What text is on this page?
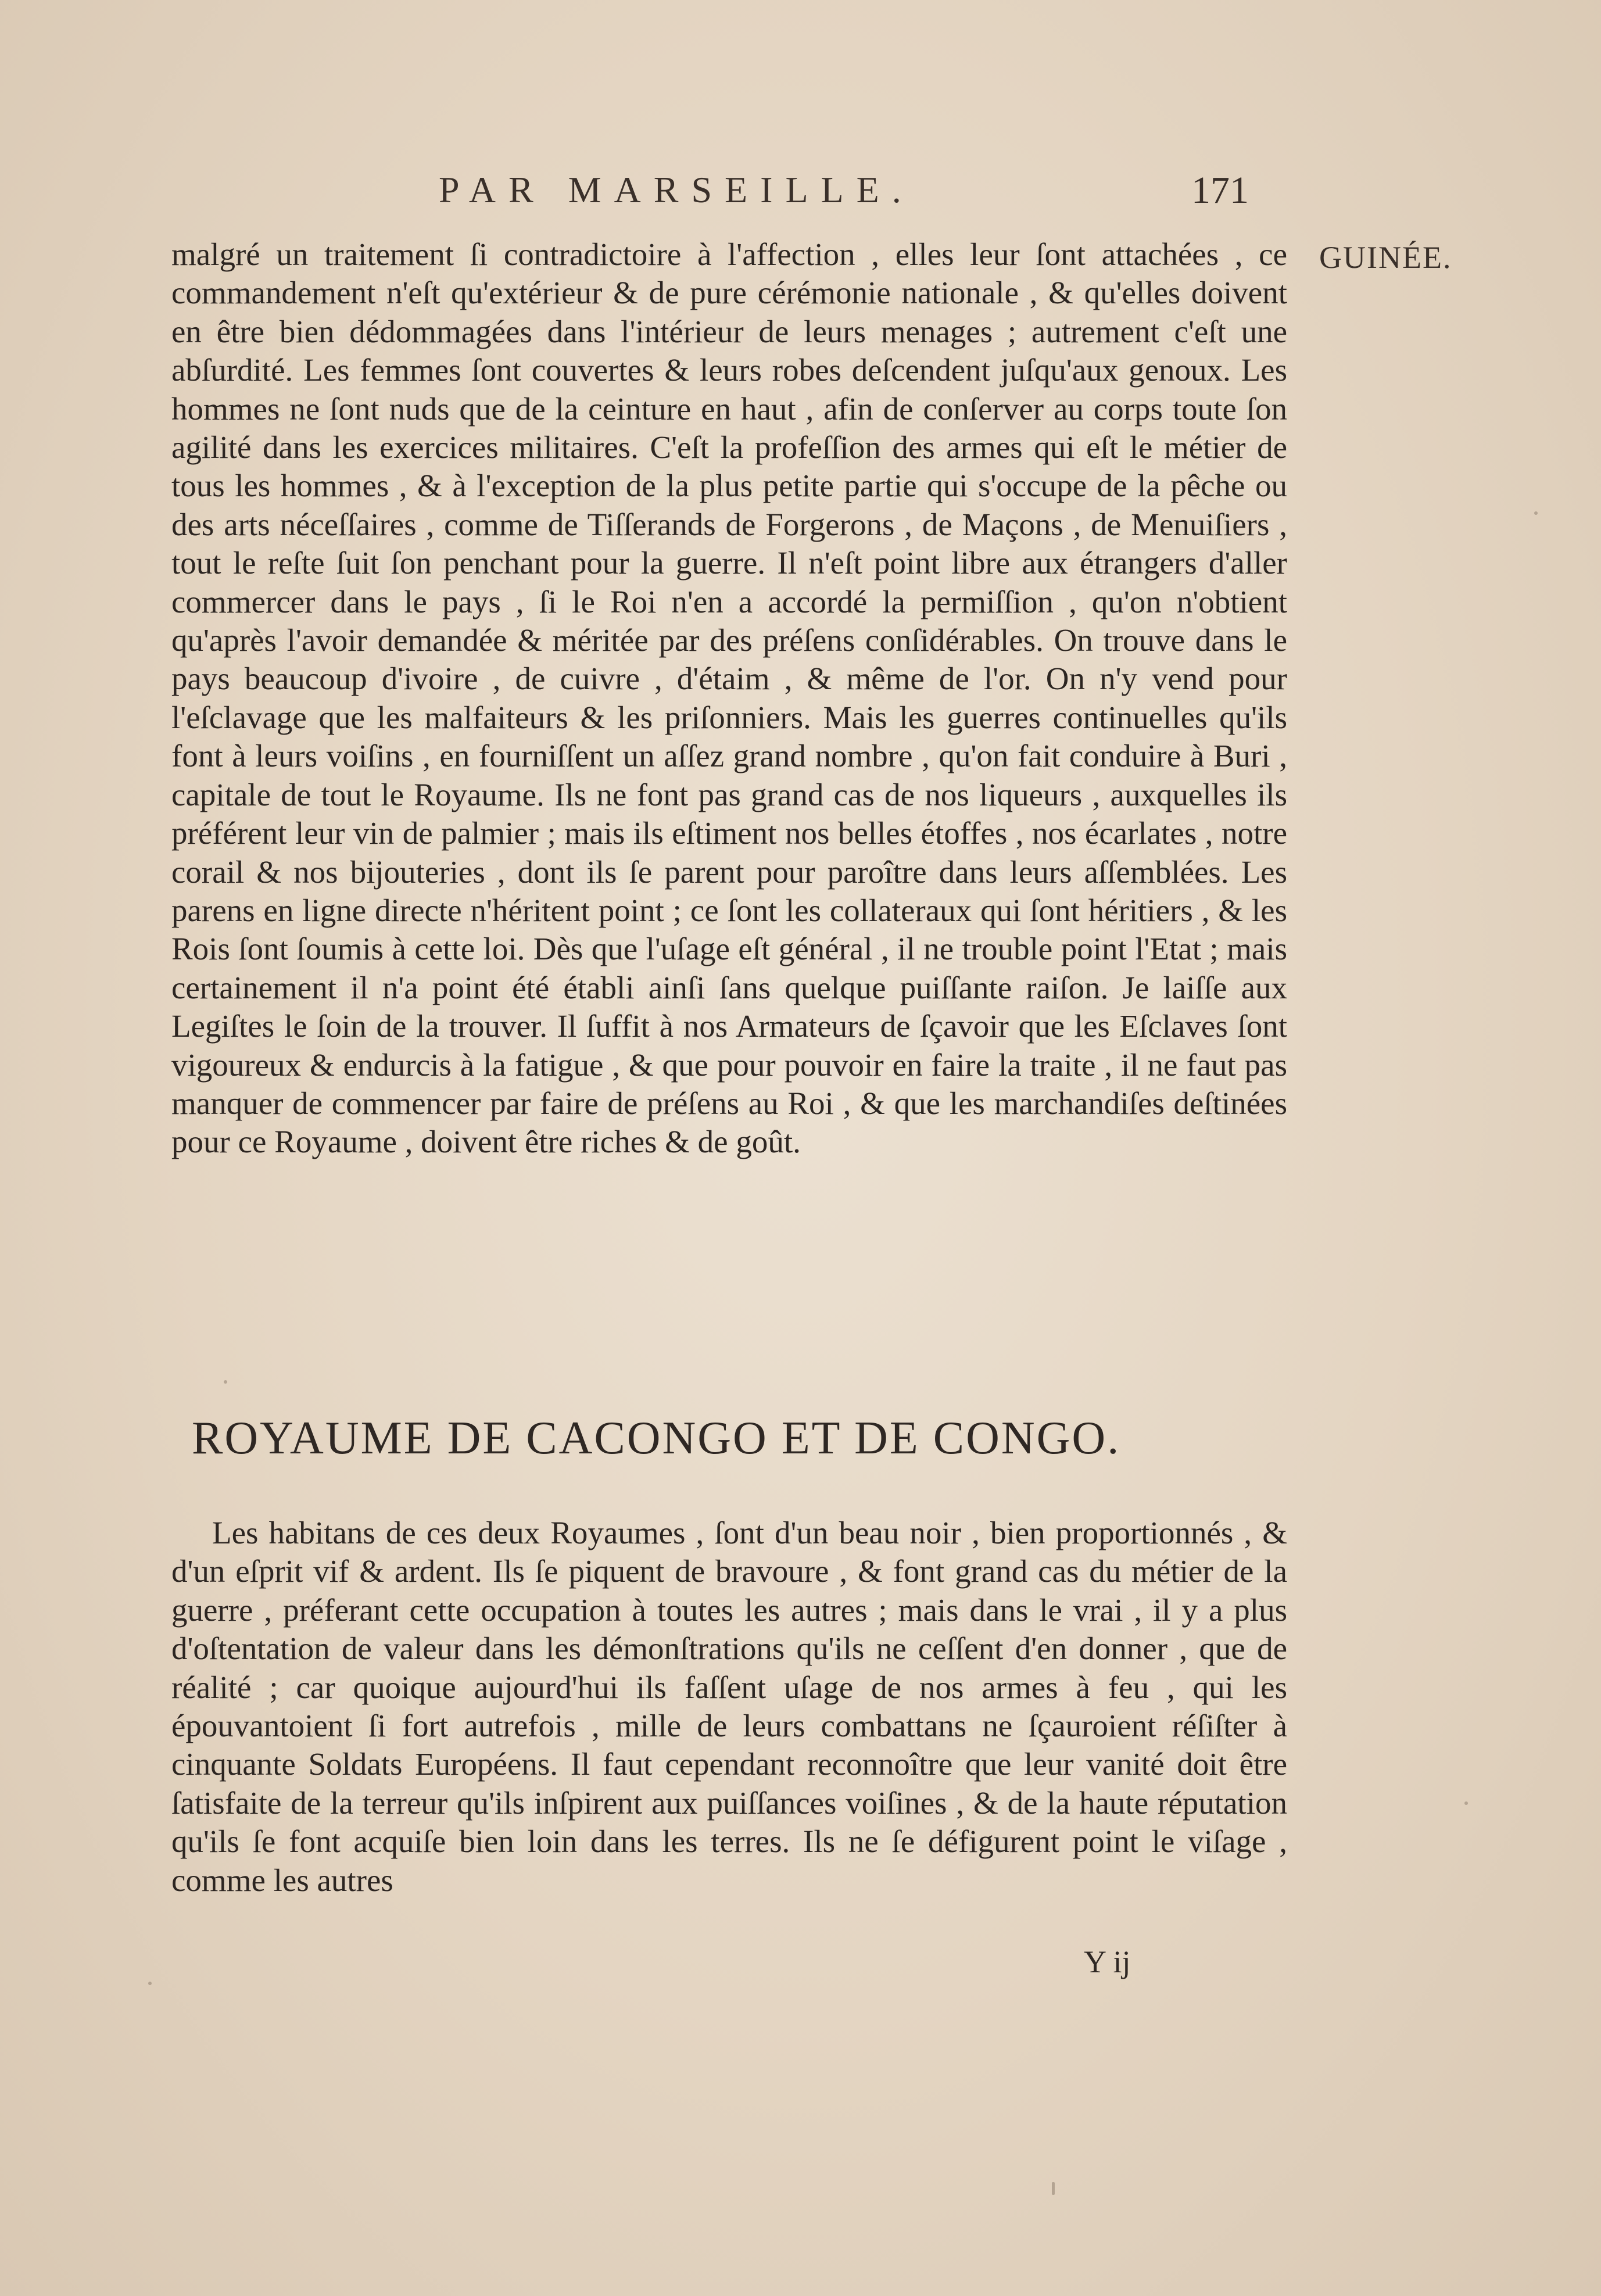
PAR MARSEILLE.	171
GUINÉE.
malgré un traitement ſi contradictoire à l'affection , elles leur ſont attachées , ce commandement n'eſt qu'extérieur & de pure cérémonie nationale , & qu'elles doivent en être bien dédommagées dans l'intérieur de leurs menages ; autrement c'eſt une abſurdité. Les femmes ſont couvertes & leurs robes deſcendent juſqu'aux genoux. Les hommes ne ſont nuds que de la ceinture en haut , afin de conſerver au corps toute ſon agilité dans les exercices militaires. C'eſt la profeſſion des armes qui eſt le métier de tous les hommes , & à l'exception de la plus petite partie qui s'occupe de la pêche ou des arts néceſſaires , comme de Tiſſerands de Forgerons , de Maçons , de Menuiſiers , tout le reſte ſuit ſon penchant pour la guerre. Il n'eſt point libre aux étrangers d'aller commercer dans le pays , ſi le Roi n'en a accordé la permiſſion , qu'on n'obtient qu'après l'avoir demandée & méritée par des préſens conſidérables. On trouve dans le pays beaucoup d'ivoire , de cuivre , d'étaim , & même de l'or. On n'y vend pour l'eſclavage que les malfaiteurs & les priſonniers. Mais les guerres continuelles qu'ils font à leurs voiſins , en fourniſſent un aſſez grand nombre , qu'on fait conduire à Buri , capitale de tout le Royaume. Ils ne font pas grand cas de nos liqueurs , auxquelles ils préférent leur vin de palmier ; mais ils eſtiment nos belles étoffes , nos écarlates , notre corail & nos bijouteries , dont ils ſe parent pour paroître dans leurs aſſemblées. Les parens en ligne directe n'héritent point ; ce ſont les collateraux qui ſont héritiers , & les Rois ſont ſoumis à cette loi. Dès que l'uſage eſt général , il ne trouble point l'Etat ; mais certainement il n'a point été établi ainſi ſans quelque puiſſante raiſon. Je laiſſe aux Legiſtes le ſoin de la trouver. Il ſuffit à nos Armateurs de ſçavoir que les Eſclaves ſont vigoureux & endurcis à la fatigue , & que pour pouvoir en faire la traite , il ne faut pas manquer de commencer par faire de préſens au Roi , & que les marchandiſes deſtinées pour ce Royaume , doivent être riches & de goût.
ROYAUME DE CACONGO ET DE CONGO.
Les habitans de ces deux Royaumes , ſont d'un beau noir , bien proportionnés , & d'un eſprit vif & ardent. Ils ſe piquent de bravoure , & font grand cas du métier de la guerre , préferant cette occupation à toutes les autres ; mais dans le vrai , il y a plus d'oſtentation de valeur dans les démonſtrations qu'ils ne ceſſent d'en donner , que de réalité ; car quoique aujourd'hui ils faſſent uſage de nos armes à feu , qui les épouvantoient ſi fort autrefois , mille de leurs combattans ne ſçauroient réſiſter à cinquante Soldats Européens. Il faut cependant reconnoître que leur vanité doit être ſatisfaite de la terreur qu'ils inſpirent aux puiſſances voiſines , & de la haute réputation qu'ils ſe font acquiſe bien loin dans les terres. Ils ne ſe défigurent point le viſage , comme les autres
Y ij
